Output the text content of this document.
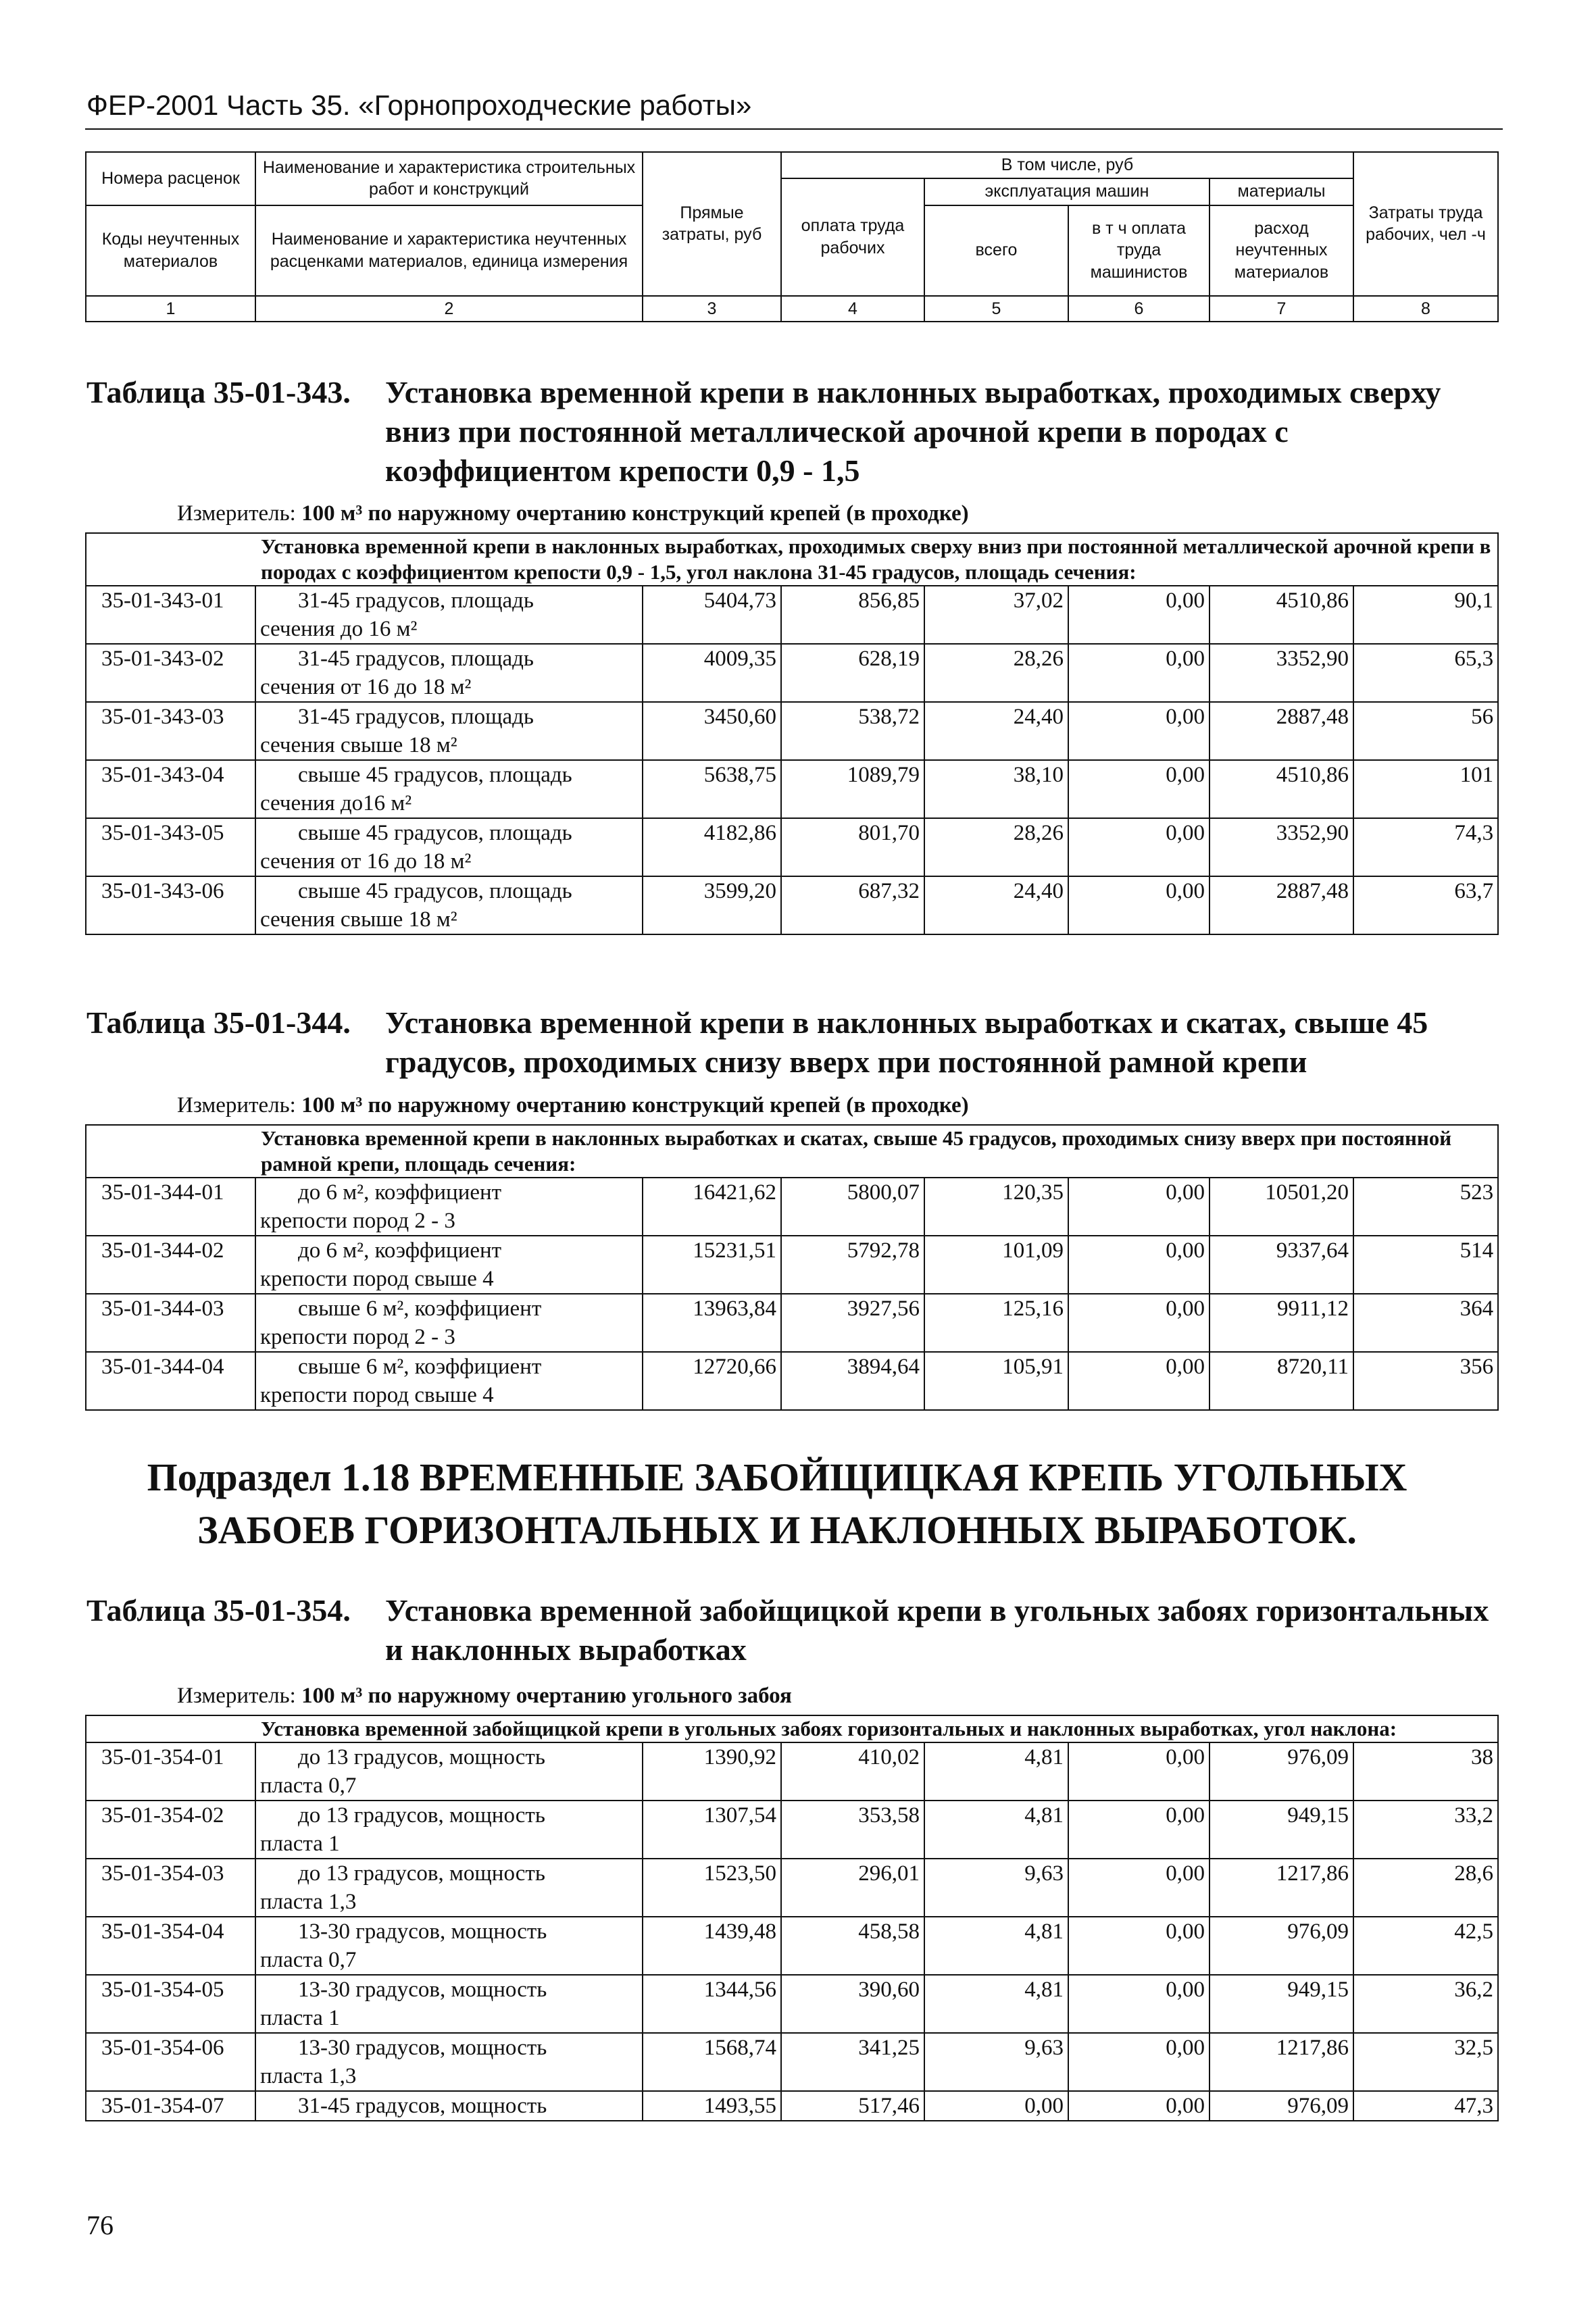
ФЕР-2001 Часть 35. «Горнопроходческие работы»
Номера расценок	Наименование и характеристика строительных работ и конструкций	Прямые затраты, руб	В том числе, руб				Затраты труда рабочих, чел -ч
			оплата труда рабочих	эксплуатация машин		материалы	
Коды неучтенных материалов	Наименование и характеристика неучтенных расценками материалов, единица измерения			всего	в т ч оплата труда машинистов	расход неучтенных материалов	
1	2	3	4	5	6	7	8
Таблица 35-01-343. Установка временной крепи в наклонных выработках, проходимых сверху вниз при постоянной металлической арочной крепи в породах с коэффициентом крепости 0,9 - 1,5
Измеритель: 100 м³ по наружному очертанию конструкций крепей (в проходке)
Установка временной крепи в наклонных выработках, проходимых сверху вниз при постоянной металлической арочной крепи в породах с коэффициентом крепости 0,9 - 1,5, угол наклона 31-45 градусов, площадь сечения:							
35-01-343-01	31-45 градусов, площадь
сечения до 16 м²	5404,73	856,85	37,02	0,00	4510,86	90,1
35-01-343-02	31-45 градусов, площадь
сечения от 16 до 18 м²	4009,35	628,19	28,26	0,00	3352,90	65,3
35-01-343-03	31-45 градусов, площадь
сечения свыше 18 м²	3450,60	538,72	24,40	0,00	2887,48	56
35-01-343-04	свыше 45 градусов, площадь
сечения до16 м²	5638,75	1089,79	38,10	0,00	4510,86	101
35-01-343-05	свыше 45 градусов, площадь
сечения от 16 до 18 м²	4182,86	801,70	28,26	0,00	3352,90	74,3
35-01-343-06	свыше 45 градусов, площадь
сечения свыше 18 м²	3599,20	687,32	24,40	0,00	2887,48	63,7
Таблица 35-01-344. Установка временной крепи в наклонных выработках и скатах, свыше 45 градусов, проходимых снизу вверх при постоянной рамной крепи
Измеритель: 100 м³ по наружному очертанию конструкций крепей (в проходке)
Установка временной крепи в наклонных выработках и скатах, свыше 45 градусов, проходимых снизу вверх при постоянной рамной крепи, площадь сечения:							
35-01-344-01	до 6 м², коэффициент
крепости пород 2 - 3	16421,62	5800,07	120,35	0,00	10501,20	523
35-01-344-02	до 6 м², коэффициент
крепости пород свыше 4	15231,51	5792,78	101,09	0,00	9337,64	514
35-01-344-03	свыше 6 м², коэффициент
крепости пород 2 - 3	13963,84	3927,56	125,16	0,00	9911,12	364
35-01-344-04	свыше 6 м², коэффициент
крепости пород свыше 4	12720,66	3894,64	105,91	0,00	8720,11	356
Подраздел 1.18 ВРЕМЕННЫЕ ЗАБОЙЩИЦКАЯ КРЕПЬ УГОЛЬНЫХ ЗАБОЕВ ГОРИЗОНТАЛЬНЫХ И НАКЛОННЫХ ВЫРАБОТОК.
Таблица 35-01-354. Установка временной забойщицкой крепи в угольных забоях горизонтальных и наклонных выработках
Измеритель: 100 м³ по наружному очертанию угольного забоя
Установка временной забойщицкой крепи в угольных забоях горизонтальных и наклонных выработках, угол наклона:							
35-01-354-01	до 13 градусов, мощность
пласта 0,7	1390,92	410,02	4,81	0,00	976,09	38
35-01-354-02	до 13 градусов, мощность
пласта 1	1307,54	353,58	4,81	0,00	949,15	33,2
35-01-354-03	до 13 градусов, мощность
пласта 1,3	1523,50	296,01	9,63	0,00	1217,86	28,6
35-01-354-04	13-30 градусов, мощность
пласта 0,7	1439,48	458,58	4,81	0,00	976,09	42,5
35-01-354-05	13-30 градусов, мощность
пласта 1	1344,56	390,60	4,81	0,00	949,15	36,2
35-01-354-06	13-30 градусов, мощность
пласта 1,3	1568,74	341,25	9,63	0,00	1217,86	32,5
35-01-354-07	31-45 градусов, мощность	1493,55	517,46	0,00	0,00	976,09	47,3
76
